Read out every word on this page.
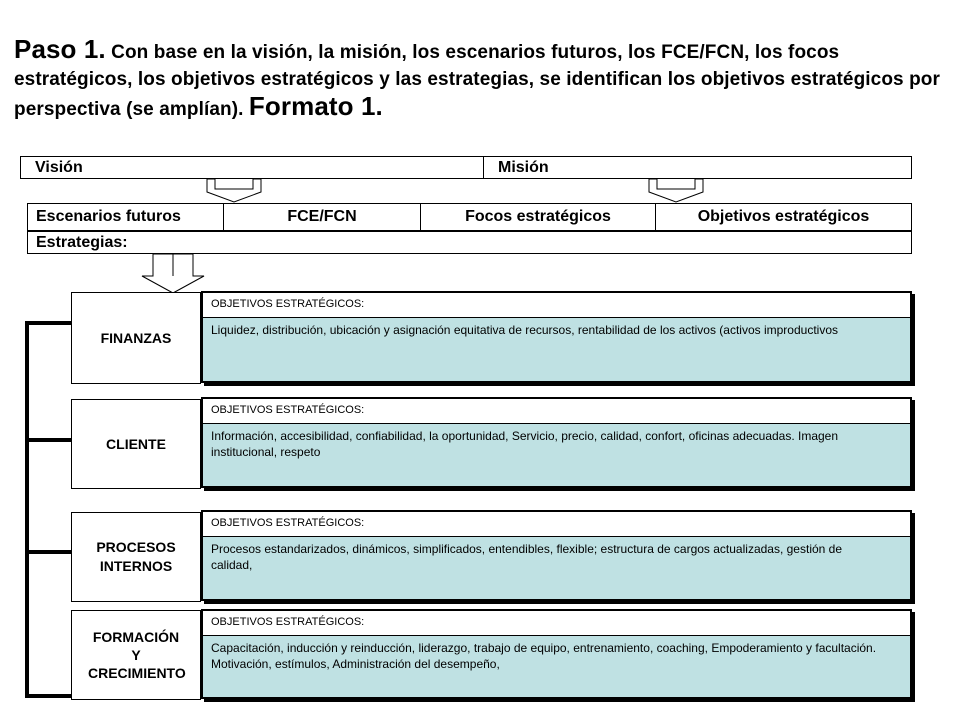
Paso 1. Con base en la visión, la misión, los escenarios futuros, los FCE/FCN, los focos estratégicos, los objetivos estratégicos y las estrategias, se identifican los objetivos estratégicos por perspectiva (se amplían). Formato 1.

Visión	Misión
Escenarios futuros	FCE/FCN	Focos estratégicos	Objetivos estratégicos
Estrategias:
FINANZAS
OBJETIVOS ESTRATÉGICOS:
Liquidez, distribución, ubicación y asignación equitativa de recursos, rentabilidad de los activos (activos improductivos
CLIENTE
OBJETIVOS ESTRATÉGICOS:
Información, accesibilidad, confiabilidad, la oportunidad, Servicio, precio, calidad, confort, oficinas adecuadas. Imagen institucional, respeto
PROCESOS INTERNOS
OBJETIVOS ESTRATÉGICOS:
Procesos estandarizados, dinámicos, simplificados, entendibles, flexible; estructura de cargos actualizadas, gestión de calidad,
FORMACIÓN Y CRECIMIENTO
OBJETIVOS ESTRATÉGICOS:
Capacitación, inducción y reinducción, liderazgo, trabajo de equipo, entrenamiento, coaching, Empoderamiento y facultación. Motivación, estímulos, Administración del desempeño,
